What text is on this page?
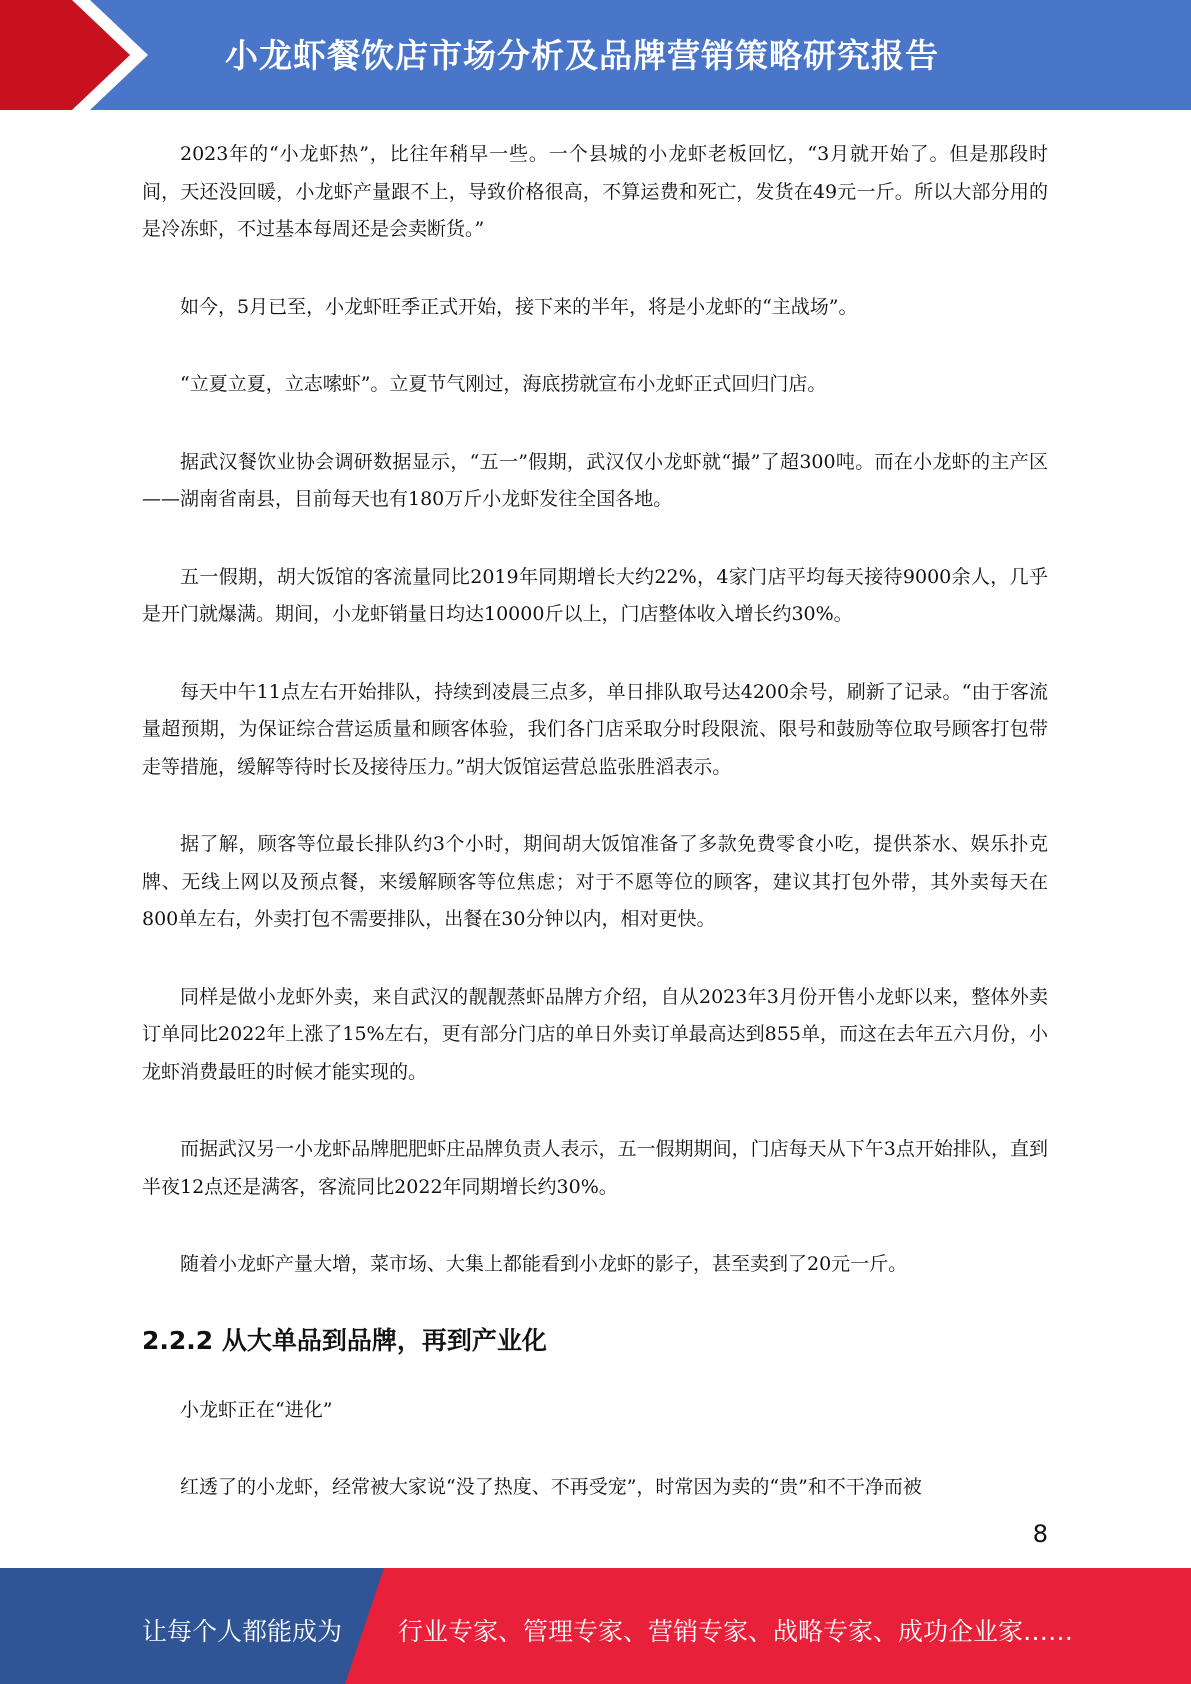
小龙虾餐饮店市场分析及品牌营销策略研究报告

2023年的“小龙虾热”，比往年稍早一些。一个县城的小龙虾老板回忆，“3月就开始了。但是那段时间，天还没回暖，小龙虾产量跟不上，导致价格很高，不算运费和死亡，发货在49元一斤。所以大部分用的是冷冻虾，不过基本每周还是会卖断货。”

如今，5月已至，小龙虾旺季正式开始，接下来的半年，将是小龙虾的“主战场”。

“立夏立夏，立志嗦虾”。立夏节气刚过，海底捞就宣布小龙虾正式回归门店。

据武汉餐饮业协会调研数据显示，“五一”假期，武汉仅小龙虾就“撮”了超300吨。而在小龙虾的主产区——湖南省南县，目前每天也有180万斤小龙虾发往全国各地。

五一假期，胡大饭馆的客流量同比2019年同期增长大约22%，4家门店平均每天接待9000余人，几乎是开门就爆满。期间，小龙虾销量日均达10000斤以上，门店整体收入增长约30%。

每天中午11点左右开始排队，持续到凌晨三点多，单日排队取号达4200余号，刷新了记录。“由于客流量超预期，为保证综合营运质量和顾客体验，我们各门店采取分时段限流、限号和鼓励等位取号顾客打包带走等措施，缓解等待时长及接待压力。”胡大饭馆运营总监张胜滔表示。

据了解，顾客等位最长排队约3个小时，期间胡大饭馆准备了多款免费零食小吃，提供茶水、娱乐扑克牌、无线上网以及预点餐，来缓解顾客等位焦虑；对于不愿等位的顾客，建议其打包外带，其外卖每天在800单左右，外卖打包不需要排队，出餐在30分钟以内，相对更快。

同样是做小龙虾外卖，来自武汉的靓靓蒸虾品牌方介绍，自从2023年3月份开售小龙虾以来，整体外卖订单同比2022年上涨了15%左右，更有部分门店的单日外卖订单最高达到855单，而这在去年五六月份，小龙虾消费最旺的时候才能实现的。

而据武汉另一小龙虾品牌肥肥虾庄品牌负责人表示，五一假期期间，门店每天从下午3点开始排队，直到半夜12点还是满客，客流同比2022年同期增长约30%。

随着小龙虾产量大增，菜市场、大集上都能看到小龙虾的影子，甚至卖到了20元一斤。

2.2.2 从大单品到品牌，再到产业化

小龙虾正在“进化”

红透了的小龙虾，经常被大家说“没了热度、不再受宠”，时常因为卖的“贵”和不干净而被

8
让每个人都能成为 行业专家、管理专家、营销专家、战略专家、成功企业家……
